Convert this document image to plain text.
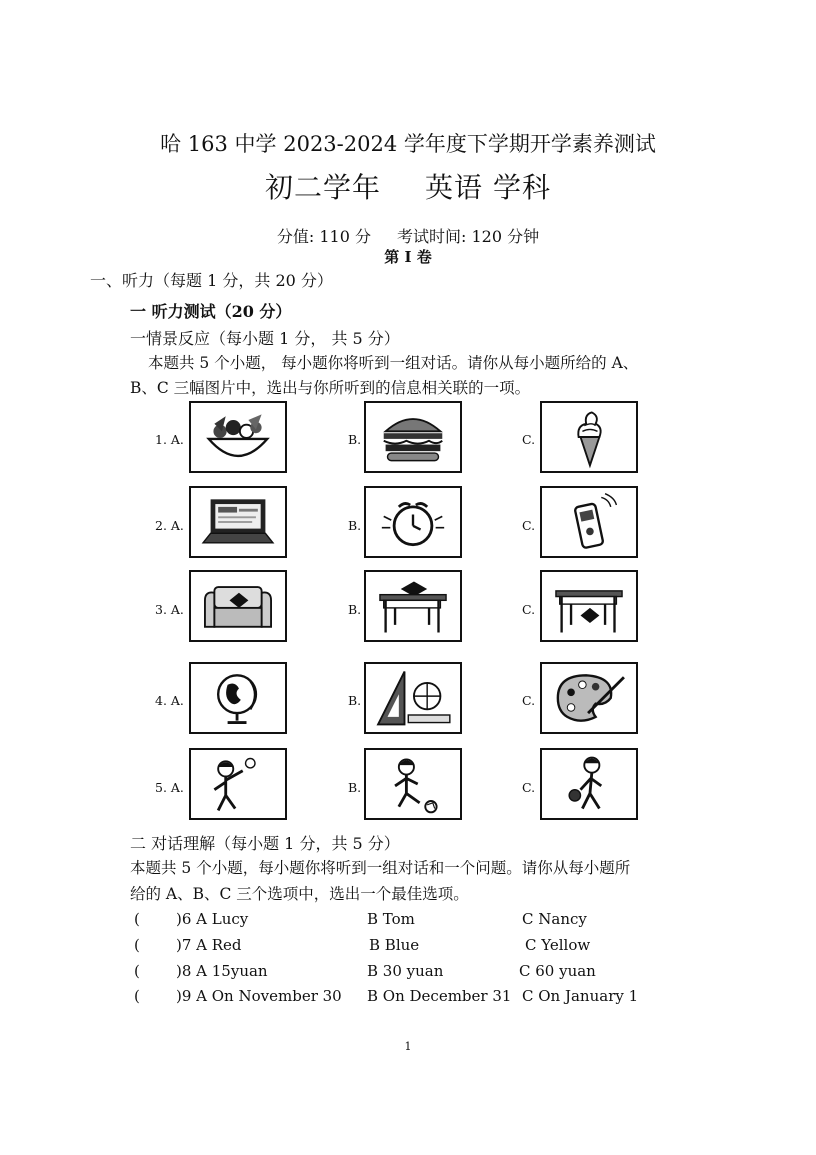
哈 163 中学 2023-2024 学年度下学期开学素养测试
初二学年 英语 学科
分值: 110 分 考试时间: 120 分钟
第 I 卷
一、听力（每题 1 分，共 20 分）
一 听力测试（20 分）
一情景反应（每小题 1 分， 共 5 分）
本题共 5 个小题， 每小题你将听到一组对话。请你从每小题所给的 A、
B、C 三幅图片中，选出与你所听到的信息相关联的一项。
1. A.	B.	C.
2. A.	B.	C.
3. A.	B.	C.
4. A.	B.	C.
5. A.	B.	C.
二 对话理解（每小题 1 分，共 5 分）
本题共 5 个小题，每小题你将听到一组对话和一个问题。请你从每小题所
给的 A、B、C 三个选项中，选出一个最佳选项。
( )6 A Lucy	B Tom	C Nancy
( )7 A Red	B Blue	C Yellow
( )8 A 15yuan	B 30 yuan	C 60 yuan
( )9 A On November 30 B On December 31 C On January 1
1
